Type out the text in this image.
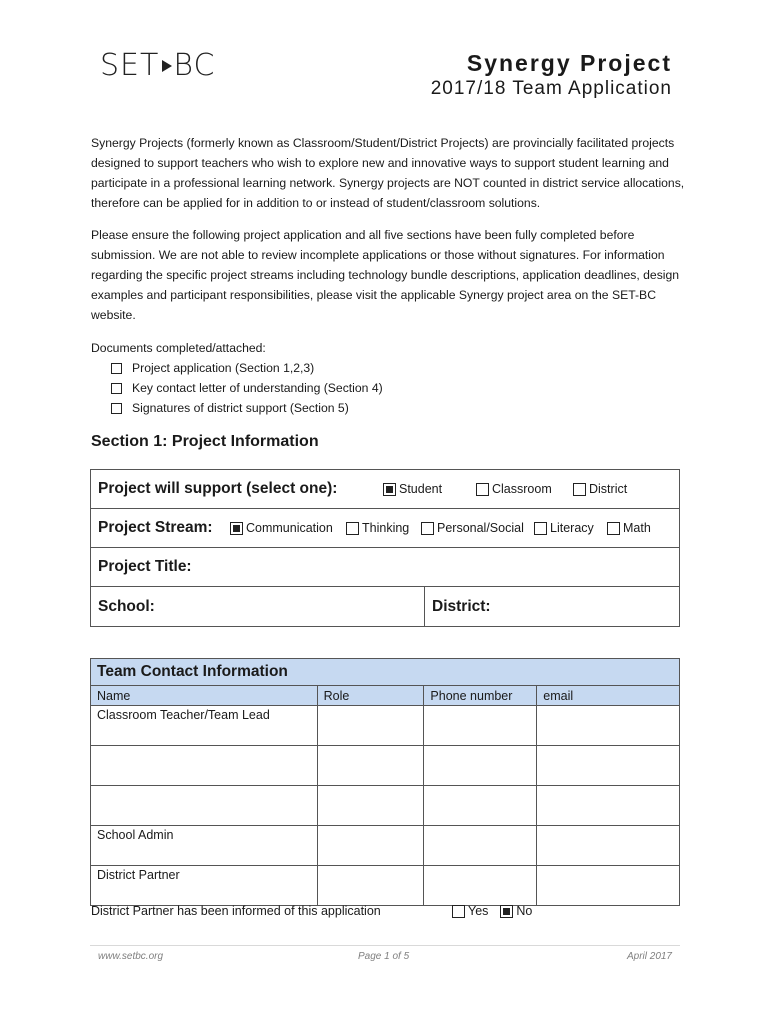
SET BC	Synergy Project
2017/18 Team Application

Synergy Projects (formerly known as Classroom/Student/District Projects) are provincially facilitated projects designed to support teachers who wish to explore new and innovative ways to support student learning and participate in a professional learning network. Synergy projects are NOT counted in district service allocations, therefore can be applied for in addition to or instead of student/classroom solutions.

Please ensure the following project application and all five sections have been fully completed before submission. We are not able to review incomplete applications or those without signatures. For information regarding the specific project streams including technology bundle descriptions, application deadlines, design examples and participant responsibilities, please visit the applicable Synergy project area on the SET-BC website.

Documents completed/attached:
Project application (Section 1,2,3)
Key contact letter of understanding (Section 4)
Signatures of district support (Section 5)
Section 1: Project Information
Project will support (select one):	Student	Classroom	District
Project Stream:	Communication Thinking Personal/Social Literacy Math
Project Title:
School:	District:
Team Contact Information			
Name	Role	Phone number	email
Classroom Teacher/Team Lead			

School Admin			
District Partner			
District Partner has been informed of this application	Yes No
www.setbc.org	Page 1 of 5	April 2017
